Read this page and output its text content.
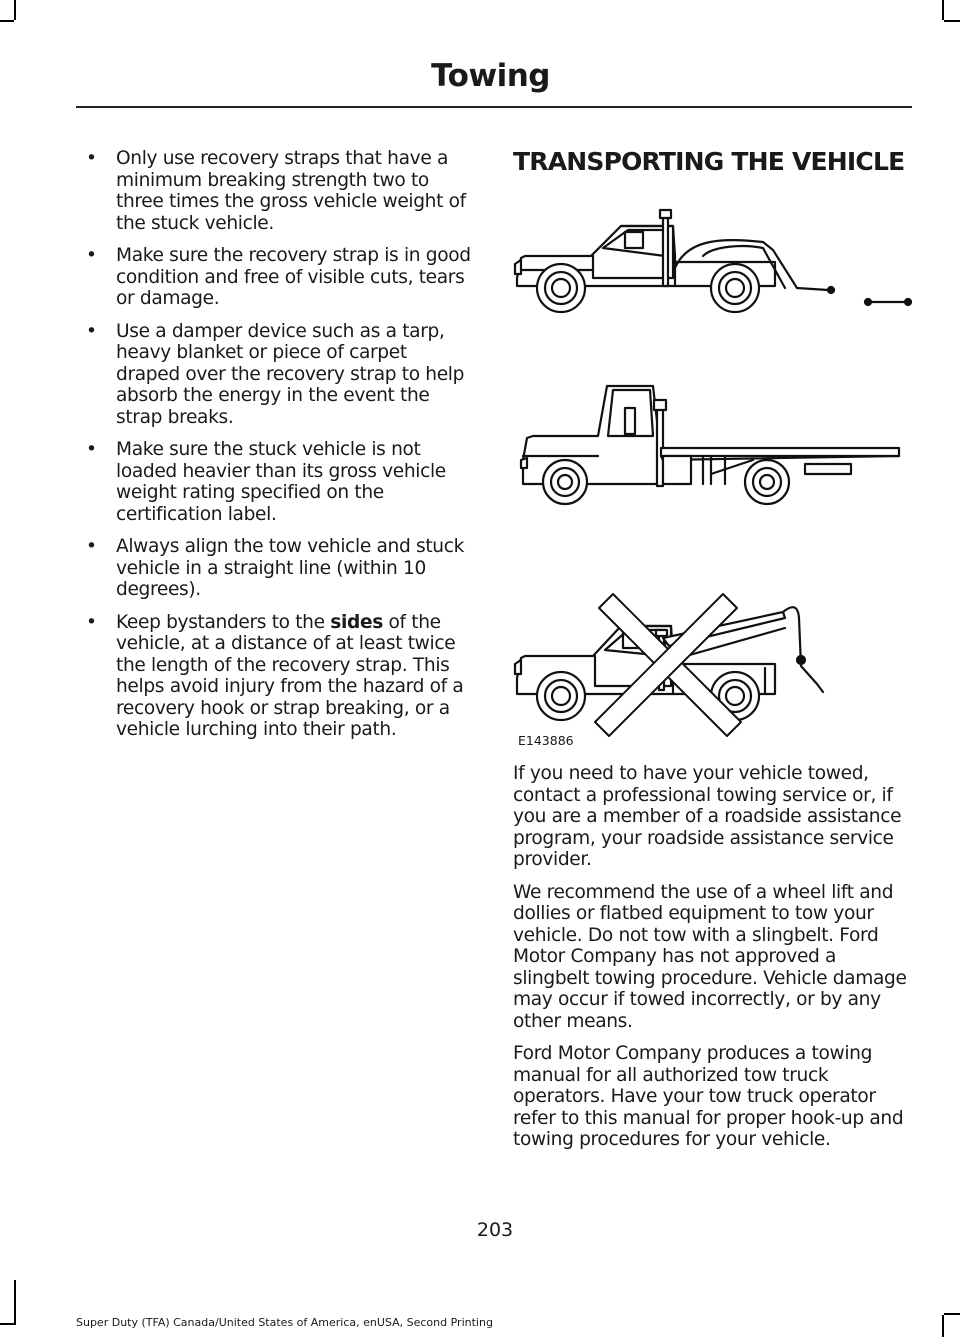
Towing
• Only use recovery straps that have a minimum breaking strength two to three times the gross vehicle weight of the stuck vehicle.
• Make sure the recovery strap is in good condition and free of visible cuts, tears or damage.
• Use a damper device such as a tarp, heavy blanket or piece of carpet draped over the recovery strap to help absorb the energy in the event the strap breaks.
• Make sure the stuck vehicle is not loaded heavier than its gross vehicle weight rating specified on the certification label.
• Always align the tow vehicle and stuck vehicle in a straight line (within 10 degrees).
• Keep bystanders to the sides of the vehicle, at a distance of at least twice the length of the recovery strap. This helps avoid injury from the hazard of a recovery hook or strap breaking, or a vehicle lurching into their path.
TRANSPORTING THE VEHICLE
E143886

If you need to have your vehicle towed, contact a professional towing service or, if you are a member of a roadside assistance program, your roadside assistance service provider.

We recommend the use of a wheel lift and dollies or flatbed equipment to tow your vehicle. Do not tow with a slingbelt. Ford Motor Company has not approved a slingbelt towing procedure. Vehicle damage may occur if towed incorrectly, or by any other means.

Ford Motor Company produces a towing manual for all authorized tow truck operators. Have your tow truck operator refer to this manual for proper hook-up and towing procedures for your vehicle.

203
Super Duty (TFA) Canada/United States of America, enUSA, Second Printing
